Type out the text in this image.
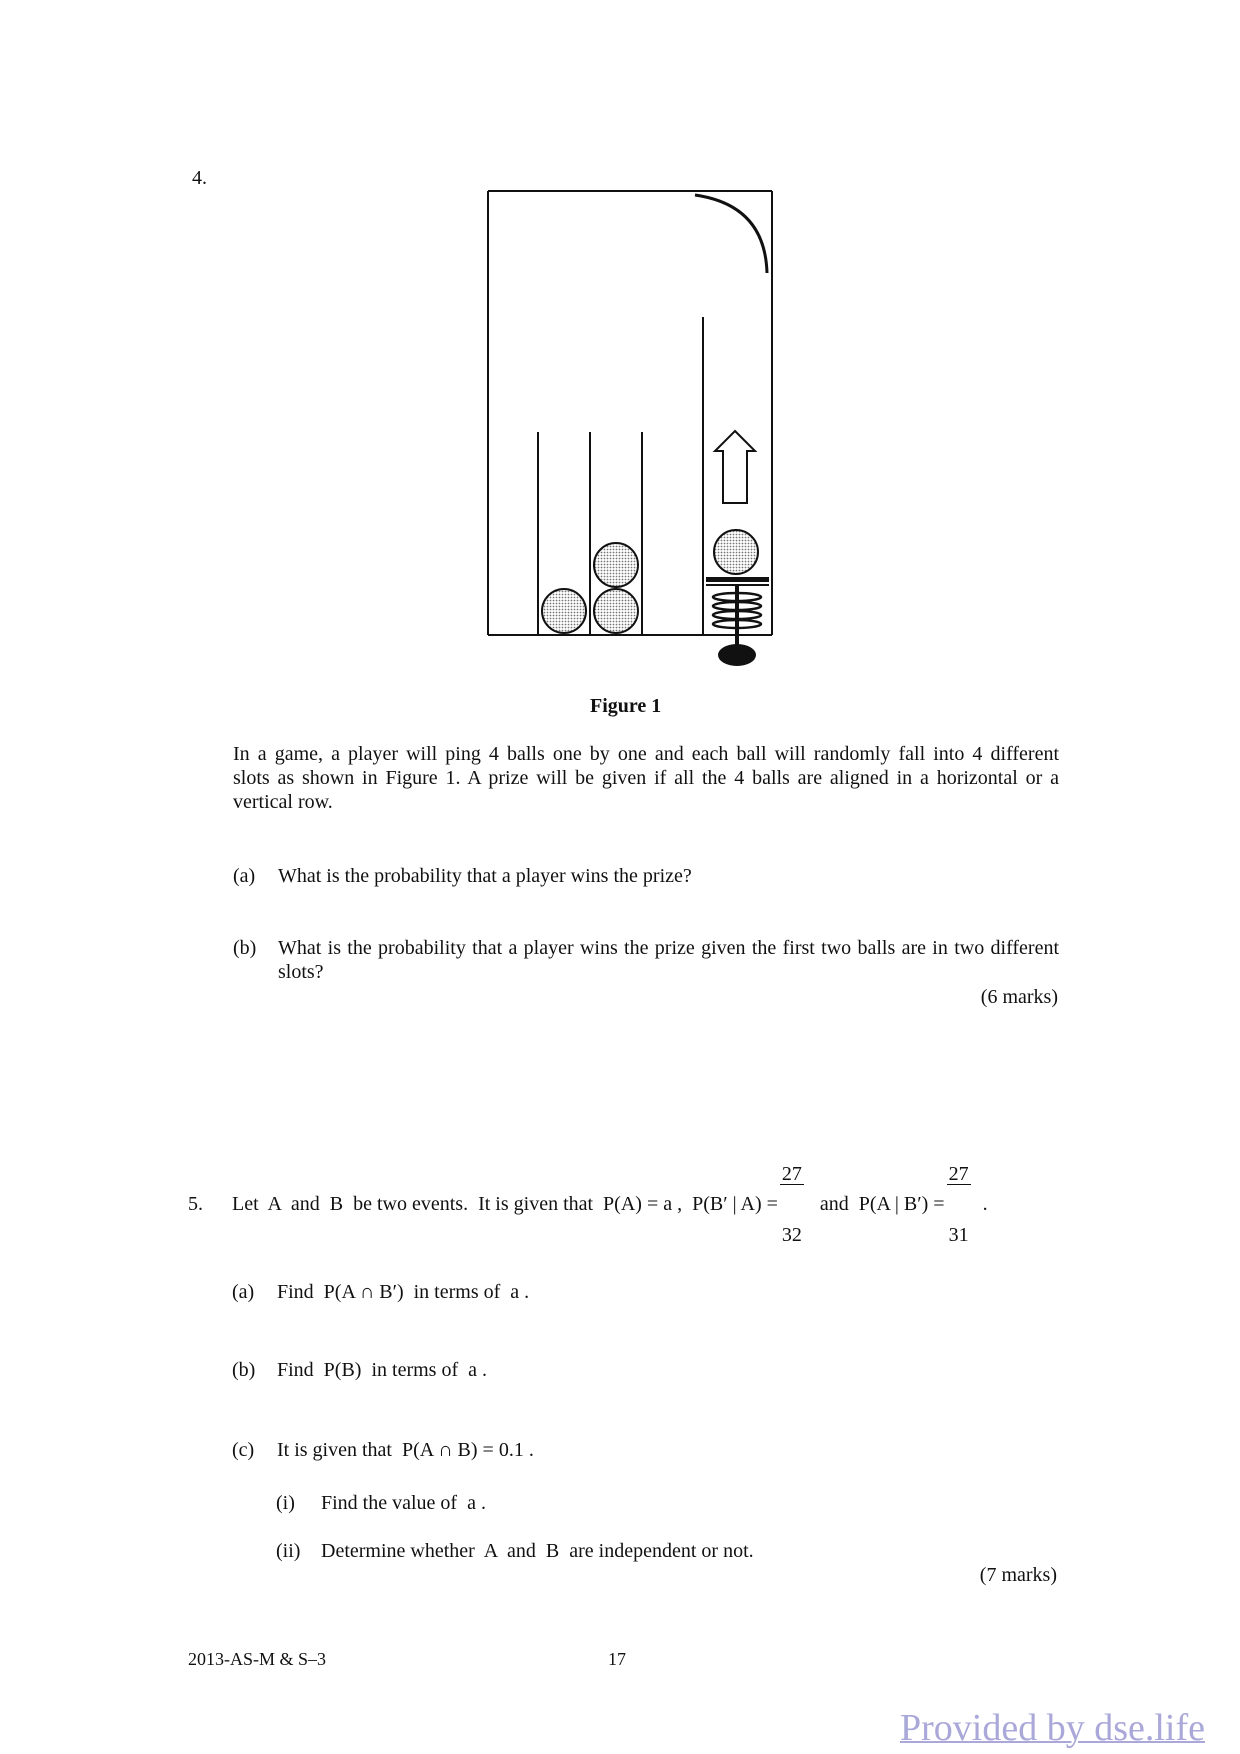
4.
Figure 1
In a game, a player will ping 4 balls one by one and each ball will randomly fall into 4 different
slots as shown in Figure 1. A prize will be given if all the 4 balls are aligned in a horizontal or a
vertical row.
(a) What is the probability that a player wins the prize?
(b) What is the probability that a player wins the prize given the first two balls are in two different
slots?
(6 marks)
5. Let  A  and  B  be two events.  It is given that  P(A) = a ,  P(B′ | A) =

$\frac{27}{32}$

and  P(A | B′) =

$\frac{27}{31}$

.
(a) Find  P(A ∩ B′)  in terms of  a .
(b) Find  P(B)  in terms of  a .
(c) It is given that  P(A ∩ B) = 0.1 .
(i) Find the value of  a .
(ii) Determine whether  A  and  B  are independent or not.
(7 marks)
2013-AS-M & S–3	17
Provided by dse.life
